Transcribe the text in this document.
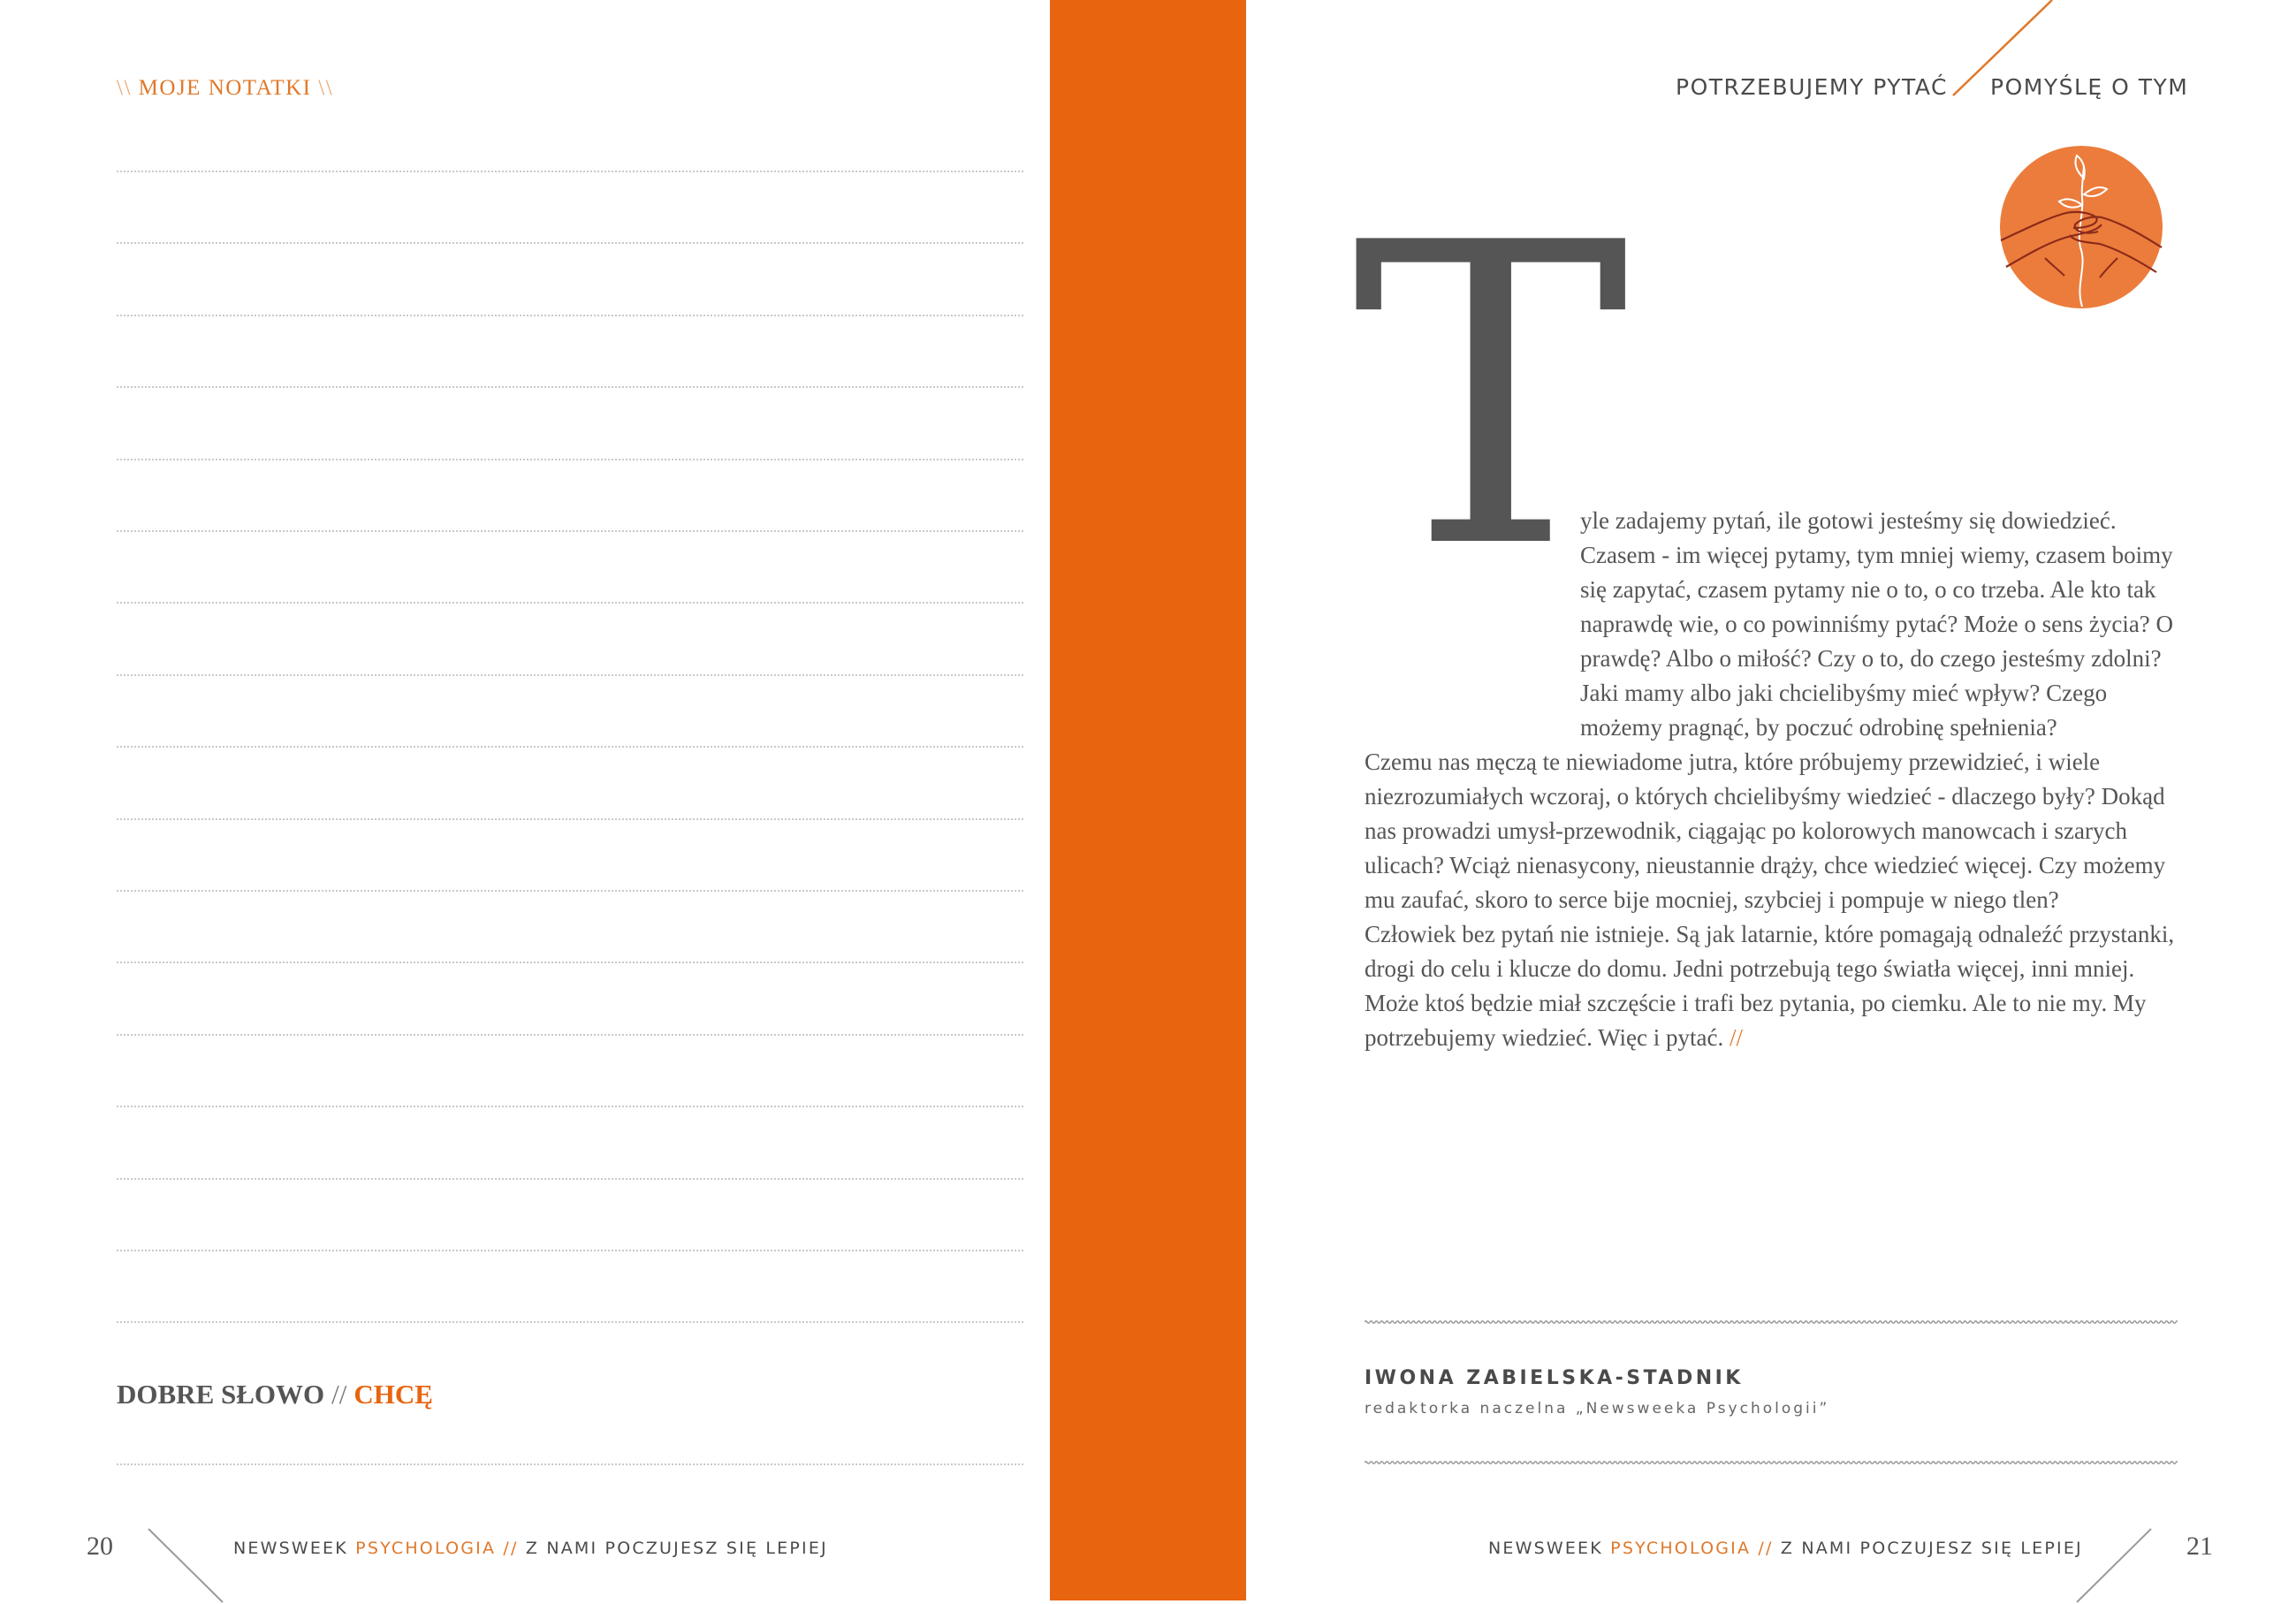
\\ MOJE NOTATKI \\
DOBRE SŁOWO // CHCĘ
20	NEWSWEEK PSYCHOLOGIA // Z NAMI POCZUJESZ SIĘ LEPIEJ
POTRZEBUJEMY PYTAĆ POMYŚLĘ O TYM
T

yle zadajemy pytań, ile gotowi jesteśmy się dowiedzieć. Czasem - im więcej pytamy, tym mniej wiemy, czasem boimy się zapytać, czasem pytamy nie o to, o co trzeba. Ale kto tak naprawdę wie, o co powinniśmy pytać? Może o sens życia? O prawdę? Albo o miłość? Czy o to, do czego jesteśmy zdolni? Jaki mamy albo jaki chcielibyśmy mieć wpływ? Czego możemy pragnąć, by poczuć odrobinę spełnienia?

Czemu nas męczą te niewiadome jutra, które próbujemy przewidzieć, i wiele niezrozumiałych wczoraj, o których chcielibyśmy wiedzieć - dlaczego były? Dokąd nas prowadzi umysł-przewodnik, ciągając po kolorowych manowcach i szarych ulicach? Wciąż nienasycony, nieustannie drąży, chce wiedzieć więcej. Czy możemy mu zaufać, skoro to serce bije mocniej, szybciej i pompuje w niego tlen?

Człowiek bez pytań nie istnieje. Są jak latarnie, które pomagają odnaleźć przystanki, drogi do celu i klucze do domu. Jedni potrzebują tego światła więcej, inni mniej. Może ktoś będzie miał szczęście i trafi bez pytania, po ciemku. Ale to nie my. My potrzebujemy wiedzieć. Więc i pytać. //

IWONA ZABIELSKA-STADNIK
redaktorka naczelna „Newsweeka Psychologii”
NEWSWEEK PSYCHOLOGIA // Z NAMI POCZUJESZ SIĘ LEPIEJ	21
